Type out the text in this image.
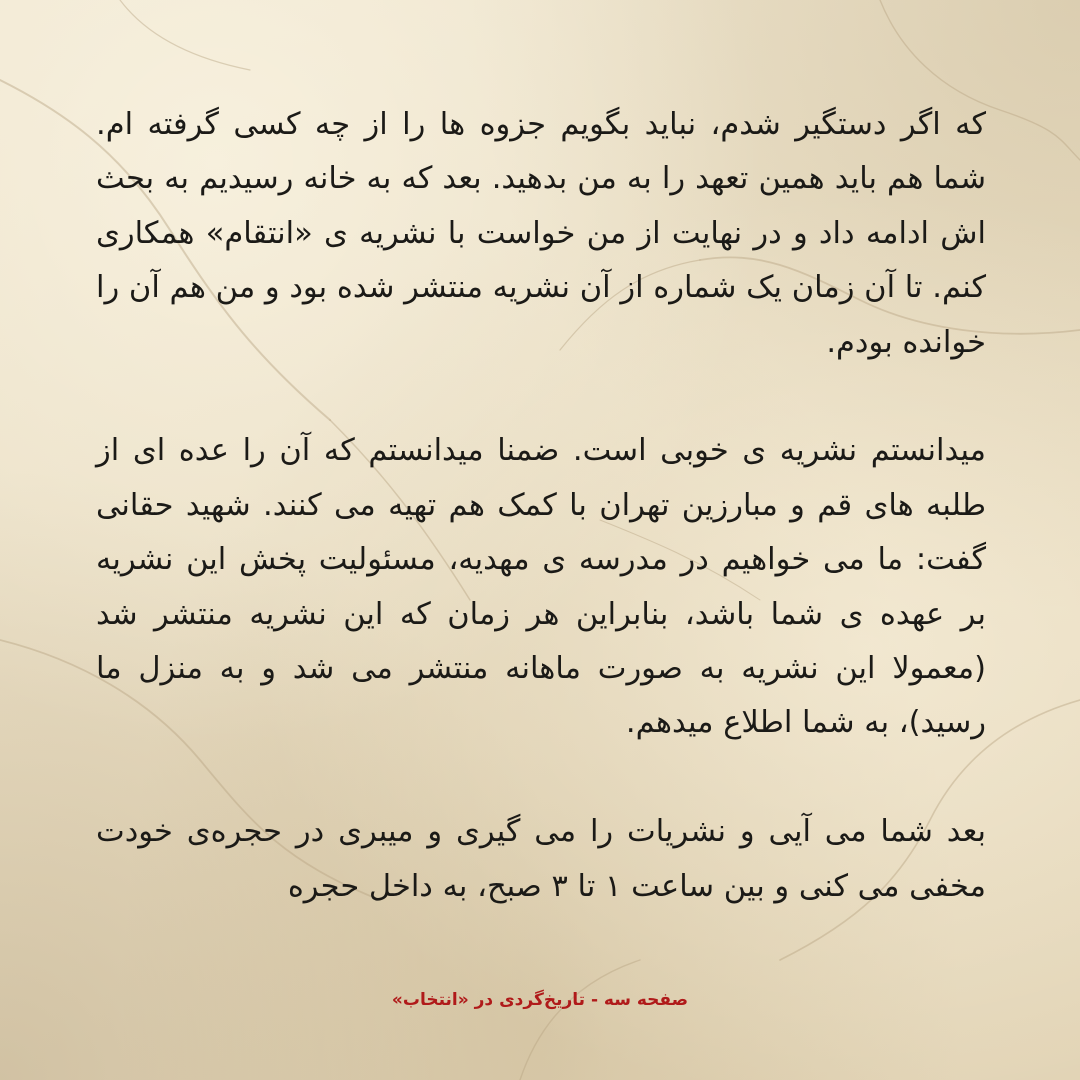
که اگر دستگیر شدم، نباید بگویم جزوه ها را از چه کسی گرفته ام. شما هم باید همین تعهد را به من بدهید. بعد که به خانه رسیدیم به بحث اش ادامه داد و در نهایت از من خواست با نشریه ی «انتقام» همکاری کنم. تا آن زمان یک شماره از آن نشریه منتشر شده بود و من هم آن را خوانده بودم.

میدانستم نشریه ی خوبی است. ضمنا میدانستم که آن را عده ای از طلبه های قم و مبارزین تهران با کمک هم تهیه می کنند. شهید حقانی گفت: ما می خواهیم در مدرسه ی مهدیه، مسئولیت پخش این نشریه بر عهده ی شما باشد، بنابراین هر زمان که این نشریه منتشر شد (معمولا این نشریه به صورت ماهانه منتشر می شد و به منزل ما رسید)، به شما اطلاع میدهم.

بعد شما می آیی و نشریات را می گیری و میبری در حجره‌ی خودت مخفی می کنی و بین ساعت ۱ تا ۳ صبح، به داخل حجره

صفحه سه - تاریخ‌گردی در «انتخاب»
